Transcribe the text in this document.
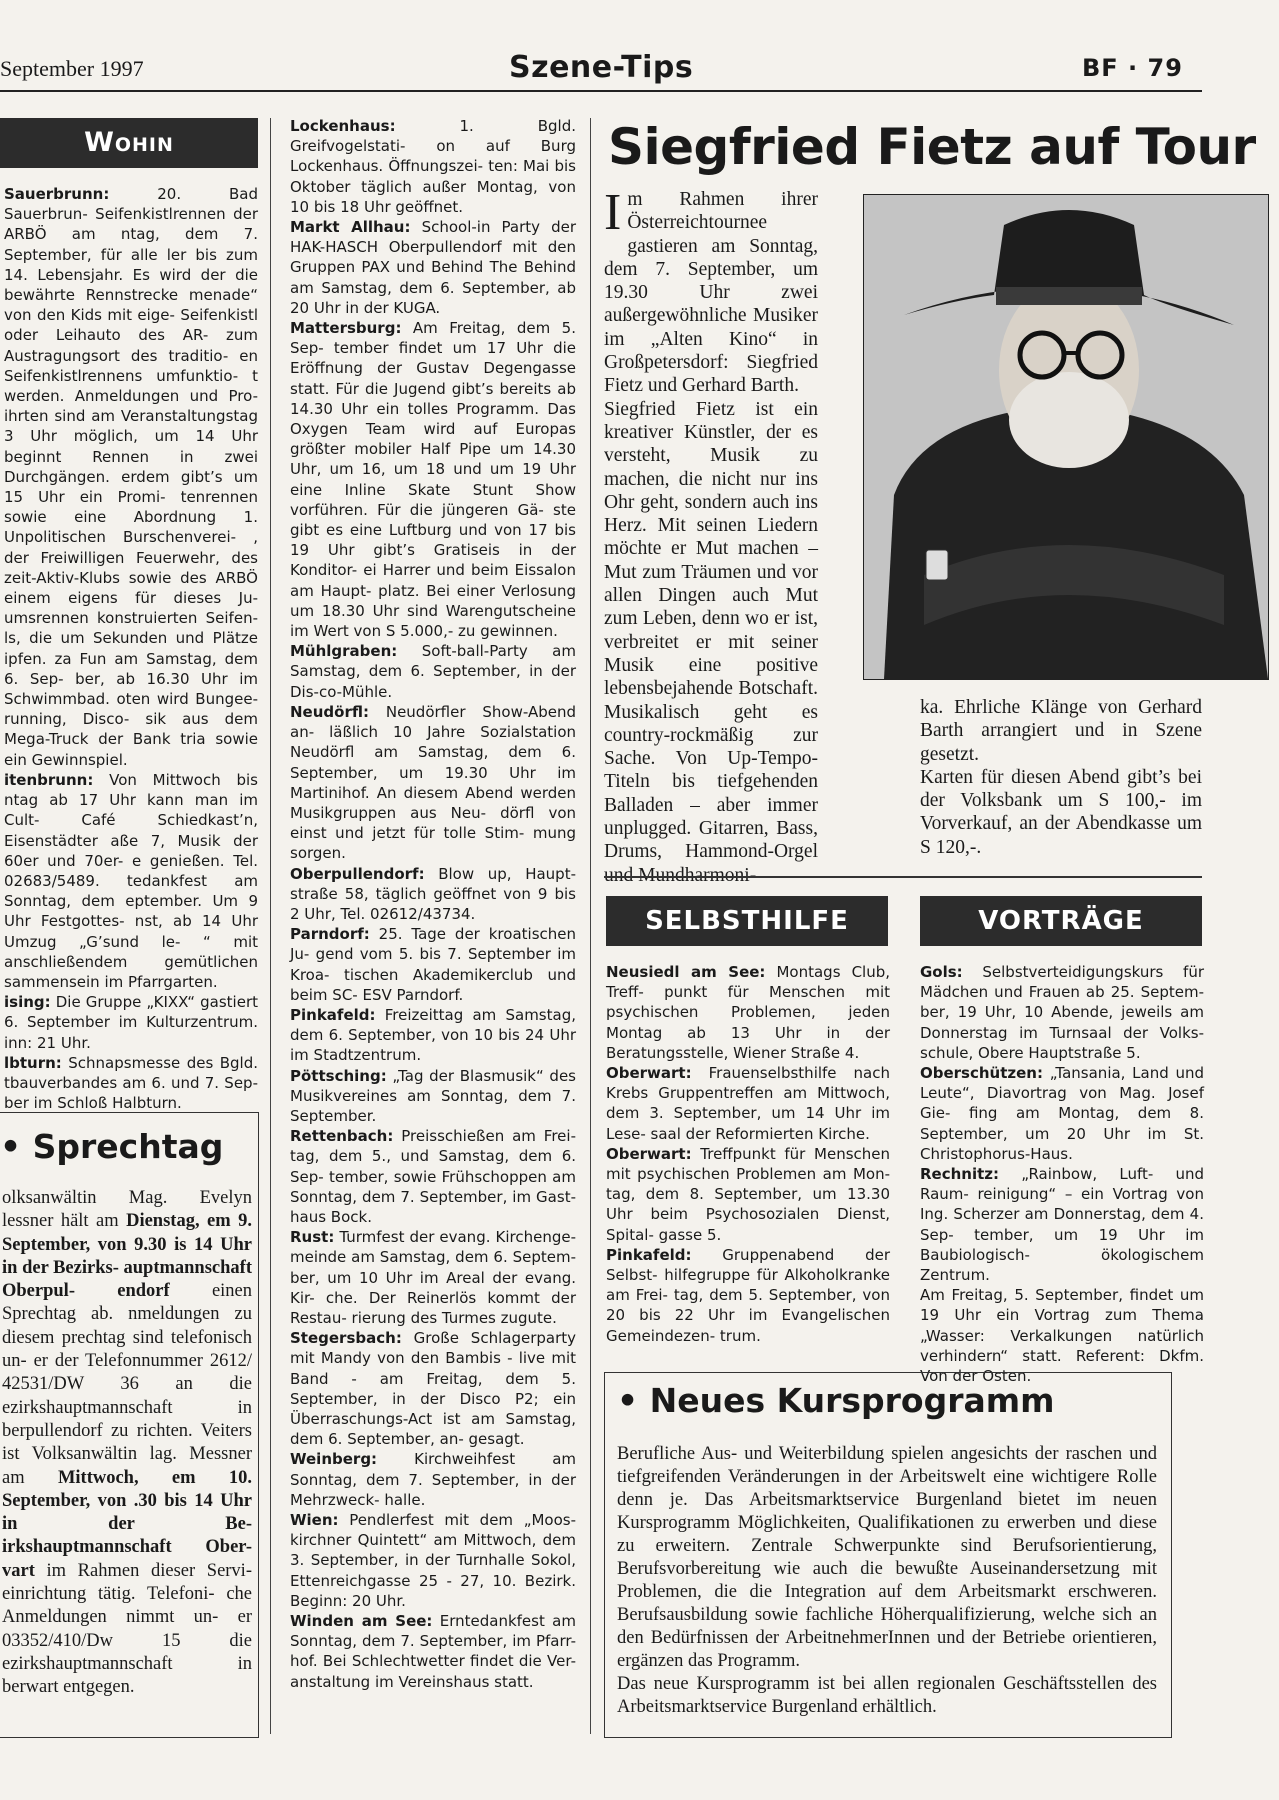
September 1997	Szene-Tips	BF · 79
Wohin

Sauerbrunn: 20. Bad Sauerbrun- Seifenkistlrennen der ARBÖ am ntag, dem 7. September, für alle ler bis zum 14. Lebensjahr. Es wird der die bewährte Rennstrecke menade“ von den Kids mit eige- Seifenkistl oder Leihauto des AR- zum Austragungsort des traditio- en Seifenkistlrennens umfunktio- t werden. Anmeldungen und Pro- ihrten sind am Veranstaltungstag 3 Uhr möglich, um 14 Uhr beginnt Rennen in zwei Durchgängen. erdem gibt’s um 15 Uhr ein Promi- tenrennen sowie eine Abordnung 1. Unpolitischen Burschenverei- , der Freiwilligen Feuerwehr, des zeit-Aktiv-Klubs sowie des ARBÖ einem eigens für dieses Ju- umsrennen konstruierten Seifen- ls, die um Sekunden und Plätze ipfen. za Fun am Samstag, dem 6. Sep- ber, ab 16.30 Uhr im Schwimmbad. oten wird Bungee-running, Disco- sik aus dem Mega-Truck der Bank tria sowie ein Gewinnspiel.

itenbrunn: Von Mittwoch bis ntag ab 17 Uhr kann man im Cult- Café Schiedkast’n, Eisenstädter aße 7, Musik der 60er und 70er- e genießen. Tel. 02683/5489. tedankfest am Sonntag, dem eptember. Um 9 Uhr Festgottes- nst, ab 14 Uhr Umzug „G’sund le- “ mit anschließendem gemütlichen sammensein im Pfarrgarten.

ising: Die Gruppe „KIXX“ gastiert 6. September im Kulturzentrum. inn: 21 Uhr.

lbturn: Schnapsmesse des Bgld. tbauverbandes am 6. und 7. Sep- ber im Schloß Halbturn.

• Sprechtag
olksanwältin Mag. Evelyn lessner hält am Dienstag, em 9. September, von 9.30 is 14 Uhr in der Bezirks- auptmannschaft Oberpul- endorf einen Sprechtag ab. nmeldungen zu diesem prechtag sind telefonisch un- er der Telefonnummer 2612/ 42531/DW 36 an die ezirkshauptmannschaft in berpullendorf zu richten. Veiters ist Volksanwältin lag. Messner am Mittwoch, em 10. September, von .30 bis 14 Uhr in der Be- irkshauptmannschaft Ober- vart im Rahmen dieser Servi- einrichtung tätig. Telefoni- che Anmeldungen nimmt un- er 03352/410/Dw 15 die ezirkshauptmannschaft in berwart entgegen.

Lockenhaus: 1. Bgld. Greifvogelstati- on auf Burg Lockenhaus. Öffnungszei- ten: Mai bis Oktober täglich außer Montag, von 10 bis 18 Uhr geöffnet.

Markt Allhau: School-in Party der HAK-HASCH Oberpullendorf mit den Gruppen PAX und Behind The Behind am Samstag, dem 6. September, ab 20 Uhr in der KUGA.

Mattersburg: Am Freitag, dem 5. Sep- tember findet um 17 Uhr die Eröffnung der Gustav Degengasse statt. Für die Jugend gibt’s bereits ab 14.30 Uhr ein tolles Programm. Das Oxygen Team wird auf Europas größter mobiler Half Pipe um 14.30 Uhr, um 16, um 18 und um 19 Uhr eine Inline Skate Stunt Show vorführen. Für die jüngeren Gä- ste gibt es eine Luftburg und von 17 bis 19 Uhr gibt’s Gratiseis in der Konditor- ei Harrer und beim Eissalon am Haupt- platz. Bei einer Verlosung um 18.30 Uhr sind Warengutscheine im Wert von S 5.000,- zu gewinnen.

Mühlgraben: Soft-ball-Party am Samstag, dem 6. September, in der Dis-co-Mühle.

Neudörfl: Neudörfler Show-Abend an- läßlich 10 Jahre Sozialstation Neudörfl am Samstag, dem 6. September, um 19.30 Uhr im Martinihof. An diesem Abend werden Musikgruppen aus Neu- dörfl von einst und jetzt für tolle Stim- mung sorgen.

Oberpullendorf: Blow up, Haupt- straße 58, täglich geöffnet von 9 bis 2 Uhr, Tel. 02612/43734.

Parndorf: 25. Tage der kroatischen Ju- gend vom 5. bis 7. September im Kroa- tischen Akademikerclub und beim SC- ESV Parndorf.

Pinkafeld: Freizeittag am Samstag, dem 6. September, von 10 bis 24 Uhr im Stadtzentrum.

Pöttsching: „Tag der Blasmusik“ des Musikvereines am Sonntag, dem 7. September.

Rettenbach: Preisschießen am Frei- tag, dem 5., und Samstag, dem 6. Sep- tember, sowie Frühschoppen am Sonntag, dem 7. September, im Gast- haus Bock.

Rust: Turmfest der evang. Kirchenge- meinde am Samstag, dem 6. Septem- ber, um 10 Uhr im Areal der evang. Kir- che. Der Reinerlös kommt der Restau- rierung des Turmes zugute.

Stegersbach: Große Schlagerparty mit Mandy von den Bambis - live mit Band - am Freitag, dem 5. September, in der Disco P2; ein Überraschungs-Act ist am Samstag, dem 6. September, an- gesagt.

Weinberg: Kirchweihfest am Sonntag, dem 7. September, in der Mehrzweck- halle.

Wien: Pendlerfest mit dem „Moos- kirchner Quintett“ am Mittwoch, dem 3. September, in der Turnhalle Sokol, Ettenreichgasse 25 - 27, 10. Bezirk. Beginn: 20 Uhr.

Winden am See: Erntedankfest am Sonntag, dem 7. September, im Pfarr- hof. Bei Schlechtwetter findet die Ver- anstaltung im Vereinshaus statt.

Siegfried Fietz auf Tour

I m Rahmen ihrer Österreichtournee gastieren am Sonntag, dem 7. September, um 19.30 Uhr zwei außergewöhnliche Musiker im „Alten Kino“ in Großpetersdorf: Siegfried Fietz und Gerhard Barth.

Siegfried Fietz ist ein kreativer Künstler, der es versteht, Musik zu machen, die nicht nur ins Ohr geht, sondern auch ins Herz. Mit seinen Liedern möchte er Mut machen – Mut zum Träumen und vor allen Dingen auch Mut zum Leben, denn wo er ist, verbreitet er mit seiner Musik eine positive lebensbejahende Botschaft. Musikalisch geht es country-rockmäßig zur Sache. Von Up-Tempo-Titeln bis tiefgehenden Balladen – aber immer unplugged. Gitarren, Bass, Drums, Hammond-Orgel

ka. Ehrliche Klänge von Gerhard Barth arrangiert und in Szene gesetzt.

Karten für diesen Abend gibt’s bei der Volksbank um S 100,- im Vorverkauf, an der Abendkasse um S 120,-.

SELBSTHILFE

Neusiedl am See: Montags Club, Treff- punkt für Menschen mit psychischen Problemen, jeden Montag ab 13 Uhr in der Beratungsstelle, Wiener Straße 4.

Oberwart: Frauenselbsthilfe nach Krebs Gruppentreffen am Mittwoch, dem 3. September, um 14 Uhr im Lese- saal der Reformierten Kirche.

Oberwart: Treffpunkt für Menschen mit psychischen Problemen am Mon- tag, dem 8. September, um 13.30 Uhr beim Psychosozialen Dienst, Spital- gasse 5.

Pinkafeld: Gruppenabend der Selbst- hilfegruppe für Alkoholkranke am Frei- tag, dem 5. September, von 20 bis 22 Uhr im Evangelischen Gemeindezen- trum.

VORTRÄGE

Gols: Selbstverteidigungskurs für Mädchen und Frauen ab 25. Septem- ber, 19 Uhr, 10 Abende, jeweils am Donnerstag im Turnsaal der Volks- schule, Obere Hauptstraße 5.

Oberschützen: „Tansania, Land und Leute“, Diavortrag von Mag. Josef Gie- fing am Montag, dem 8. September, um 20 Uhr im St. Christophorus-Haus.

Rechnitz: „Rainbow, Luft- und Raum- reinigung“ – ein Vortrag von Ing. Scherzer am Donnerstag, dem 4. Sep- tember, um 19 Uhr im Baubiologisch- ökologischem Zentrum.

Am Freitag, 5. September, findet um 19 Uhr ein Vortrag zum Thema „Wasser: Verkalkungen natürlich verhindern“ statt. Referent: Dkfm. Von der Osten.

• Neues Kursprogramm

Berufliche Aus- und Weiterbildung spielen angesichts der raschen und tiefgreifenden Veränderungen in der Arbeitswelt eine wichtigere Rolle denn je. Das Arbeitsmarktservice Burgenland bietet im neuen Kursprogramm Möglichkeiten, Qualifikationen zu erwerben und diese zu erweitern. Zentrale Schwerpunkte sind Berufsorientierung, Berufsvorbereitung wie auch die bewußte Auseinandersetzung mit Problemen, die die Integration auf dem Arbeitsmarkt erschweren. Berufsausbildung sowie fachliche Höherqualifizierung, welche sich an den Bedürfnissen der ArbeitnehmerInnen und der Betriebe orientieren, ergänzen das Programm.

Das neue Kursprogramm ist bei allen regionalen Geschäftsstellen des Arbeitsmarktservice Burgenland erhältlich.
